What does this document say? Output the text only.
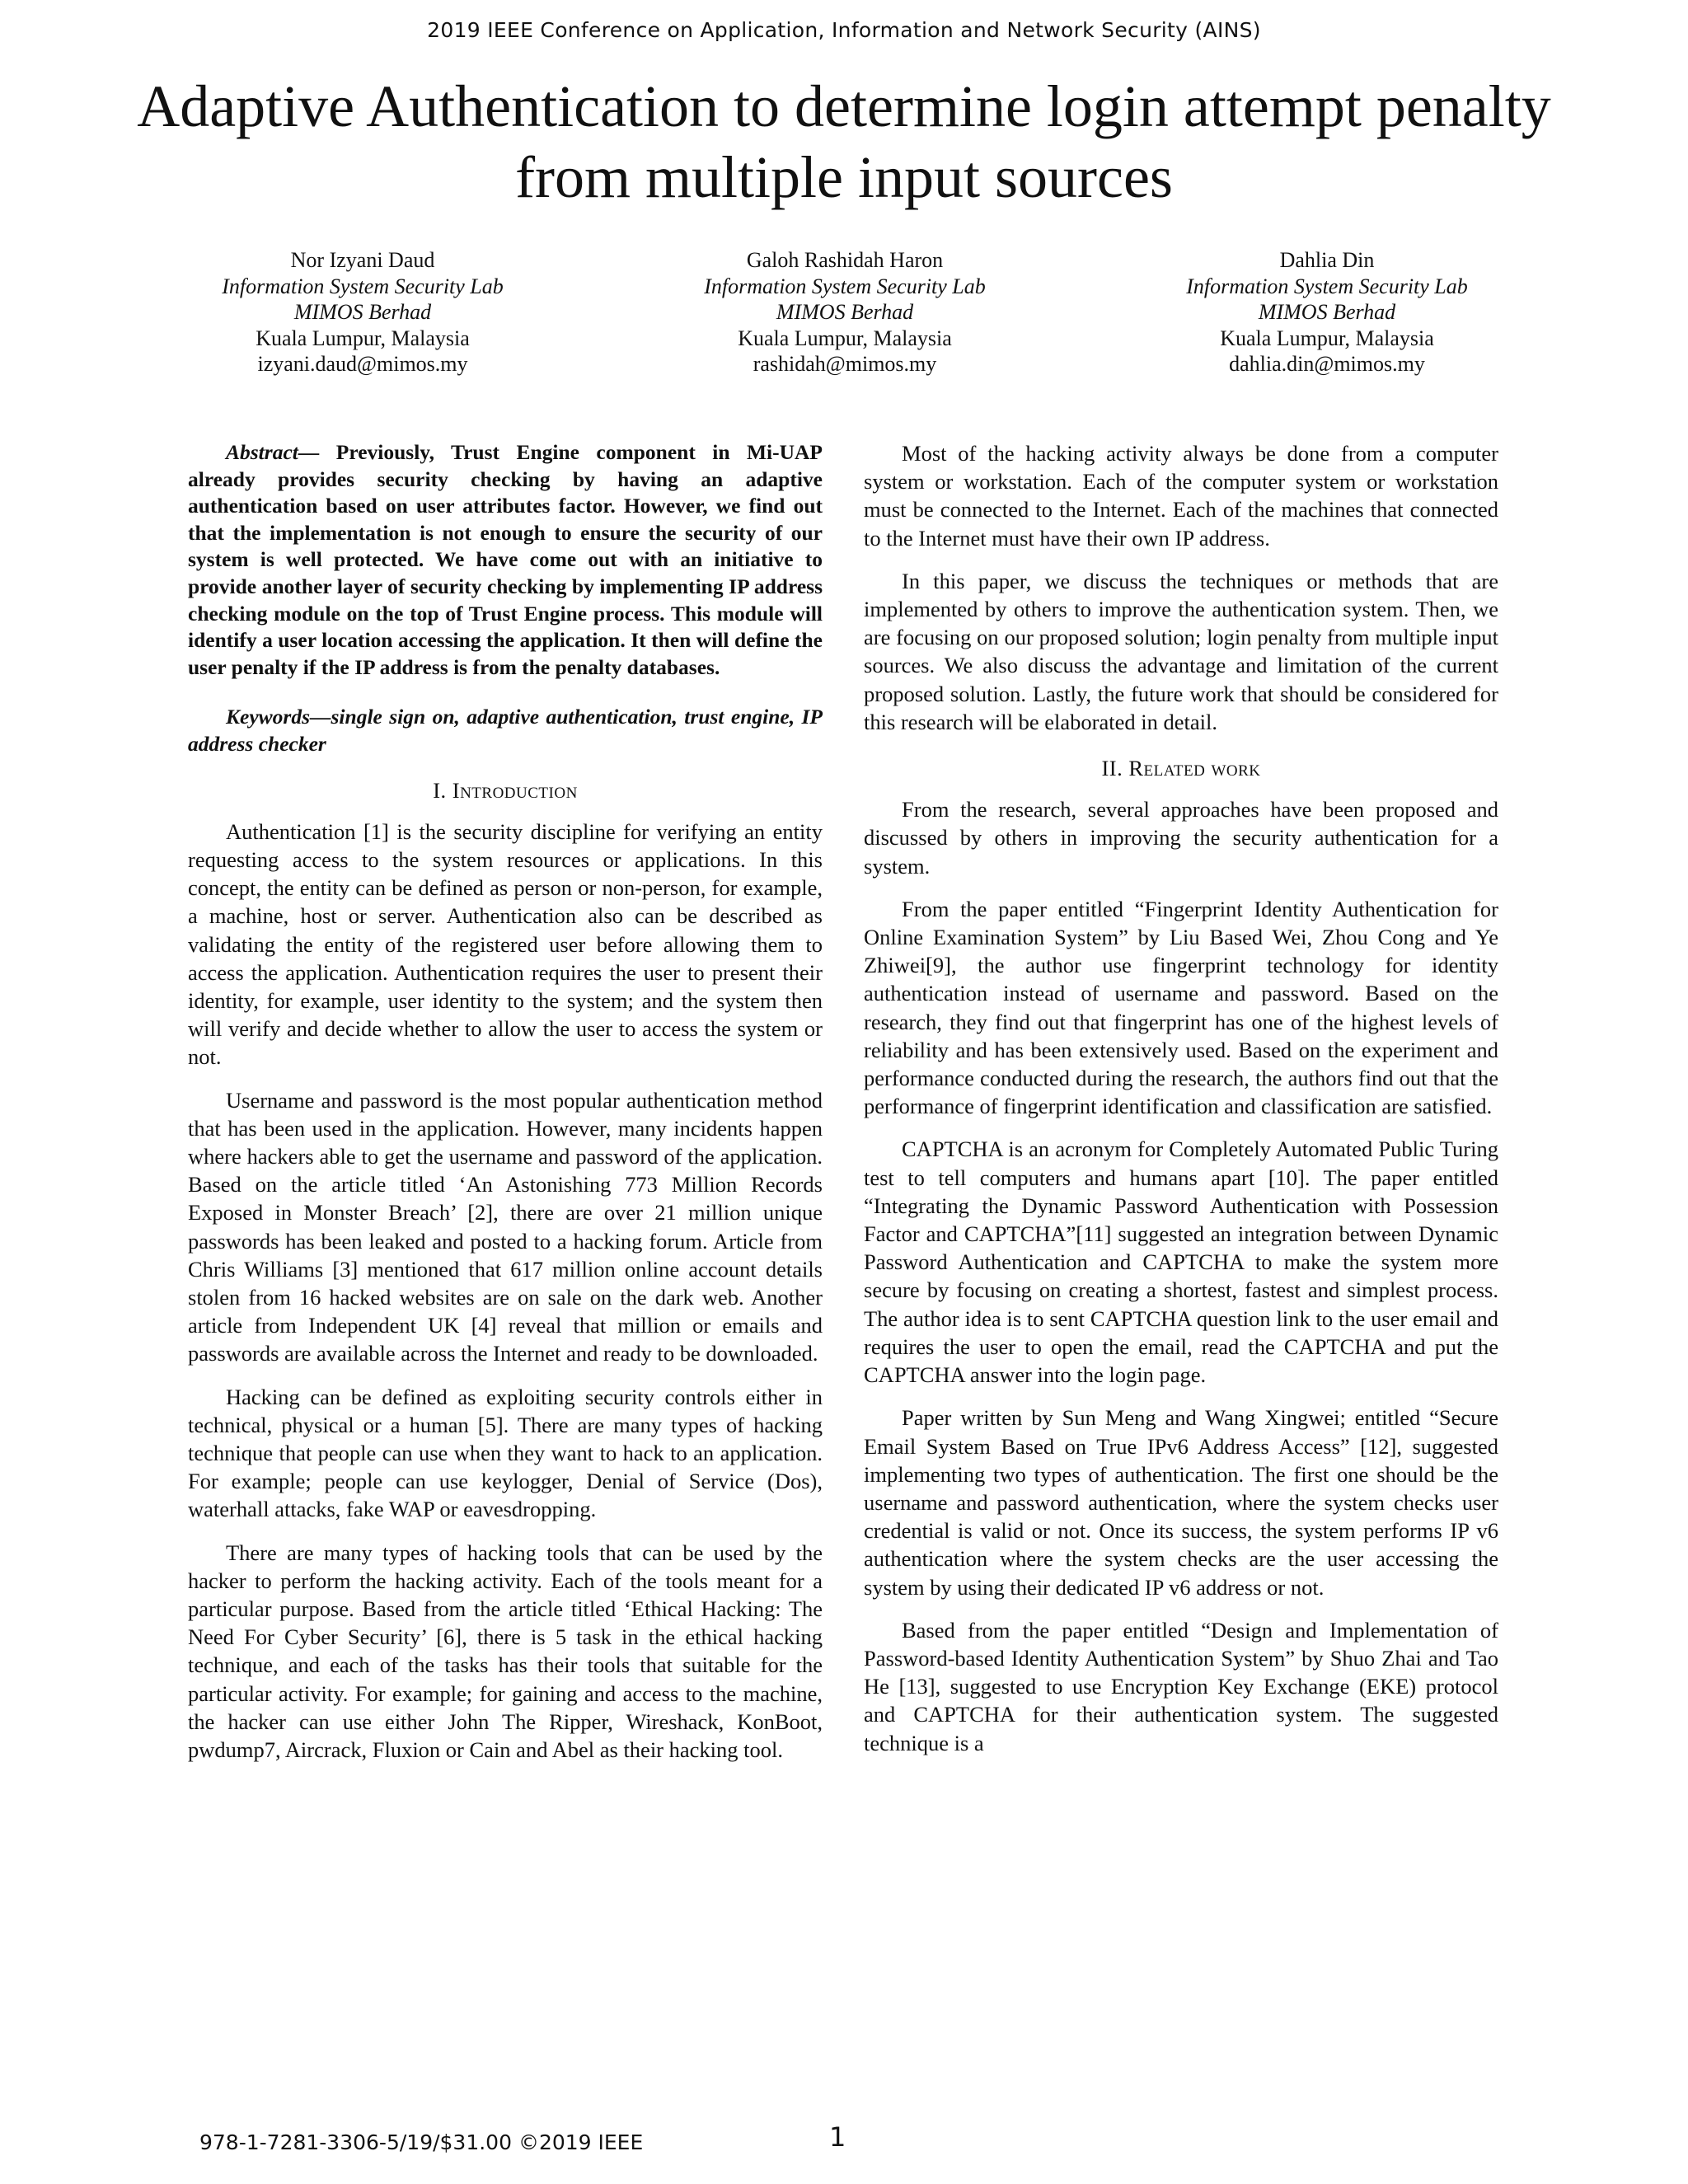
2019 IEEE Conference on Application, Information and Network Security (AINS)
Adaptive Authentication to determine login attempt penalty from multiple input sources
Nor Izyani Daud
Information System Security Lab
MIMOS Berhad
Kuala Lumpur, Malaysia
izyani.daud@mimos.my
Galoh Rashidah Haron
Information System Security Lab
MIMOS Berhad
Kuala Lumpur, Malaysia
rashidah@mimos.my
Dahlia Din
Information System Security Lab
MIMOS Berhad
Kuala Lumpur, Malaysia
dahlia.din@mimos.my

Abstract— Previously, Trust Engine component in Mi-UAP already provides security checking by having an adaptive authentication based on user attributes factor. However, we find out that the implementation is not enough to ensure the security of our system is well protected. We have come out with an initiative to provide another layer of security checking by implementing IP address checking module on the top of Trust Engine process. This module will identify a user location accessing the application. It then will define the user penalty if the IP address is from the penalty databases.

Keywords—single sign on, adaptive authentication, trust engine, IP address checker

I. Introduction

Authentication [1] is the security discipline for verifying an entity requesting access to the system resources or applications. In this concept, the entity can be defined as person or non-person, for example, a machine, host or server. Authentication also can be described as validating the entity of the registered user before allowing them to access the application. Authentication requires the user to present their identity, for example, user identity to the system; and the system then will verify and decide whether to allow the user to access the system or not.

Username and password is the most popular authentication method that has been used in the application. However, many incidents happen where hackers able to get the username and password of the application. Based on the article titled ‘An Astonishing 773 Million Records Exposed in Monster Breach’ [2], there are over 21 million unique passwords has been leaked and posted to a hacking forum. Article from Chris Williams [3] mentioned that 617 million online account details stolen from 16 hacked websites are on sale on the dark web. Another article from Independent UK [4] reveal that million or emails and passwords are available across the Internet and ready to be downloaded.

Hacking can be defined as exploiting security controls either in technical, physical or a human [5]. There are many types of hacking technique that people can use when they want to hack to an application. For example; people can use keylogger, Denial of Service (Dos), waterhall attacks, fake WAP or eavesdropping.

There are many types of hacking tools that can be used by the hacker to perform the hacking activity. Each of the tools meant for a particular purpose. Based from the article titled ‘Ethical Hacking: The Need For Cyber Security’ [6], there is 5 task in the ethical hacking technique, and each of the tasks has their tools that suitable for the particular activity. For example; for gaining and access to the machine, the hacker can use either John The Ripper, Wireshack, KonBoot, pwdump7, Aircrack, Fluxion or Cain and Abel as their hacking tool.

Most of the hacking activity always be done from a computer system or workstation. Each of the computer system or workstation must be connected to the Internet. Each of the machines that connected to the Internet must have their own IP address.

In this paper, we discuss the techniques or methods that are implemented by others to improve the authentication system. Then, we are focusing on our proposed solution; login penalty from multiple input sources. We also discuss the advantage and limitation of the current proposed solution. Lastly, the future work that should be considered for this research will be elaborated in detail.

II. Related work

From the research, several approaches have been proposed and discussed by others in improving the security authentication for a system.

From the paper entitled “Fingerprint Identity Authentication for Online Examination System” by Liu Based Wei, Zhou Cong and Ye Zhiwei[9], the author use fingerprint technology for identity authentication instead of username and password. Based on the research, they find out that fingerprint has one of the highest levels of reliability and has been extensively used. Based on the experiment and performance conducted during the research, the authors find out that the performance of fingerprint identification and classification are satisfied.

CAPTCHA is an acronym for Completely Automated Public Turing test to tell computers and humans apart [10]. The paper entitled “Integrating the Dynamic Password Authentication with Possession Factor and CAPTCHA”[11] suggested an integration between Dynamic Password Authentication and CAPTCHA to make the system more secure by focusing on creating a shortest, fastest and simplest process. The author idea is to sent CAPTCHA question link to the user email and requires the user to open the email, read the CAPTCHA and put the CAPTCHA answer into the login page.

Paper written by Sun Meng and Wang Xingwei; entitled “Secure Email System Based on True IPv6 Address Access” [12], suggested implementing two types of authentication. The first one should be the username and password authentication, where the system checks user credential is valid or not. Once its success, the system performs IP v6 authentication where the system checks are the user accessing the system by using their dedicated IP v6 address or not.

Based from the paper entitled “Design and Implementation of Password-based Identity Authentication System” by Shuo Zhai and Tao He [13], suggested to use Encryption Key Exchange (EKE) protocol and CAPTCHA for their authentication system. The suggested technique is a

978-1-7281-3306-5/19/$31.00 ©2019 IEEE	1
